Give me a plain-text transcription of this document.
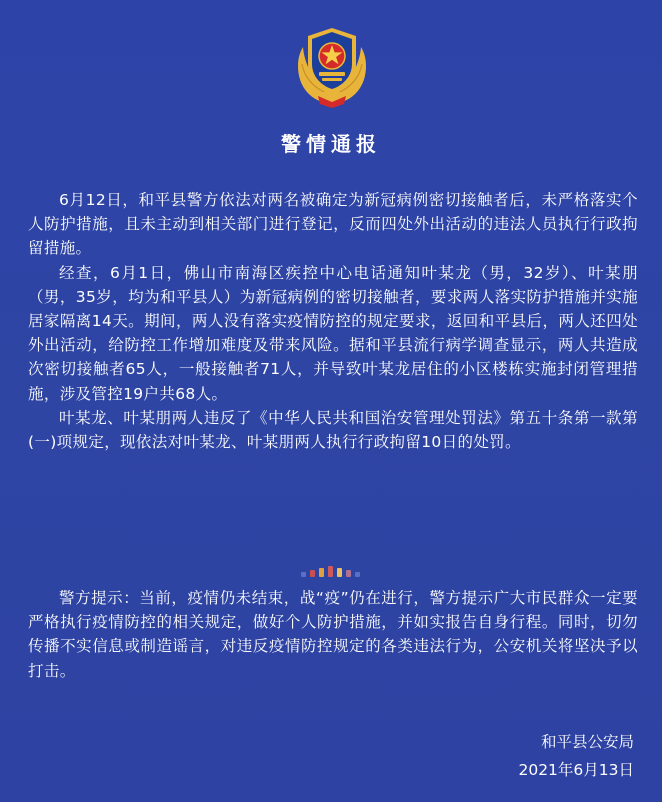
警情通报

6月12日，和平县警方依法对两名被确定为新冠病例密切接触者后，未严格落实个人防护措施，且未主动到相关部门进行登记，反而四处外出活动的违法人员执行行政拘留措施。

经查，6月1日，佛山市南海区疾控中心电话通知叶某龙（男，32岁）、叶某朋（男，35岁，均为和平县人）为新冠病例的密切接触者，要求两人落实防护措施并实施居家隔离14天。期间，两人没有落实疫情防控的规定要求，返回和平县后，两人还四处外出活动，给防控工作增加难度及带来风险。据和平县流行病学调查显示，两人共造成次密切接触者65人，一般接触者71人，并导致叶某龙居住的小区楼栋实施封闭管理措施，涉及管控19户共68人。

叶某龙、叶某朋两人违反了《中华人民共和国治安管理处罚法》第五十条第一款第(一)项规定，现依法对叶某龙、叶某朋两人执行行政拘留10日的处罚。

警方提示：当前，疫情仍未结束，战“疫”仍在进行，警方提示广大市民群众一定要严格执行疫情防控的相关规定，做好个人防护措施，并如实报告自身行程。同时，切勿传播不实信息或制造谣言，对违反疫情防控规定的各类违法行为，公安机关将坚决予以打击。

和平县公安局
2021年6月13日
